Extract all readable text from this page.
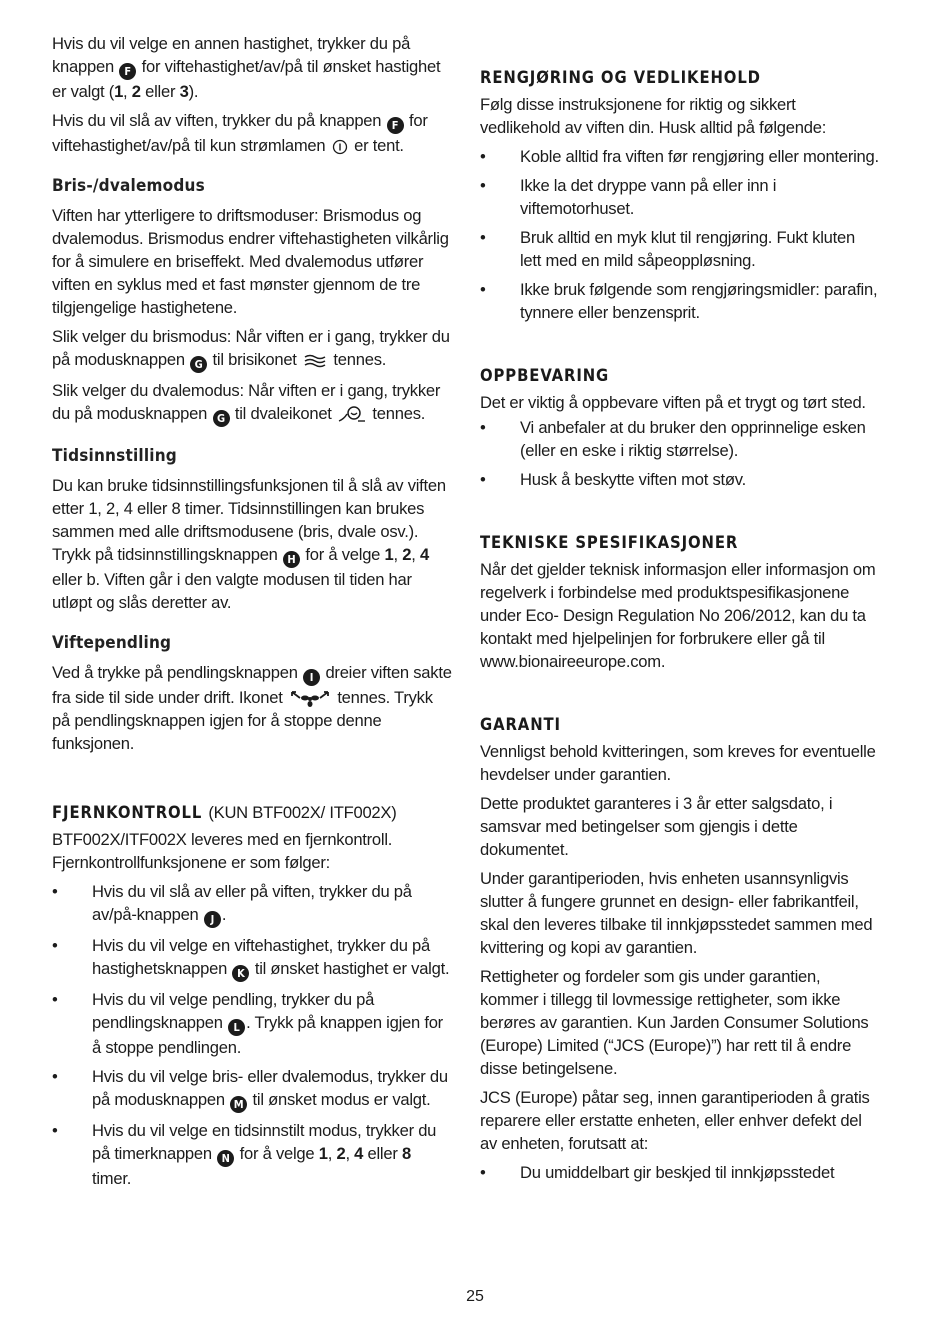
Hvis du vil velge en annen hastighet, trykker du på knappen F for viftehastighet/av/på til ønsket hastighet er valgt (1, 2 eller 3).

Hvis du vil slå av viften, trykker du på knappen F for viftehastighet/av/på til kun strømlamen er tent.

Bris-/dvalemodus

Viften har ytterligere to driftsmoduser: Brismodus og dvalemodus. Brismodus endrer viftehastigheten vilkårlig for å simulere en briseffekt. Med dvalemodus utfører viften en syklus med et fast mønster gjennom de tre tilgjengelige hastighetene.

Slik velger du brismodus: Når viften er i gang, trykker du på modusknappen G til brisikonet tennes.

Slik velger du dvalemodus: Når viften er i gang, trykker du på modusknappen G til dvaleikonet tennes.

Tidsinnstilling

Du kan bruke tidsinnstillingsfunksjonen til å slå av viften etter 1, 2, 4 eller 8 timer. Tidsinnstillingen kan brukes sammen med alle driftsmodusene (bris, dvale osv.). Trykk på tidsinnstillingsknappen H for å velge 1, 2, 4 eller b. Viften går i den valgte modusen til tiden har utløpt og slås deretter av.

Viftependling

Ved å trykke på pendlingsknappen I dreier viften sakte fra side til side under drift. Ikonet	tennes. Trykk på pendlingsknappen igjen for å stoppe denne funksjonen.

FJERNKONTROLL (KUN BTF002X/ ITF002X)

BTF002X/ITF002X leveres med en fjernkontroll. Fjernkontrollfunksjonene er som følger:

• Hvis du vil slå av eller på viften, trykker du på av/på-knappen J .
• Hvis du vil velge en viftehastighet, trykker du på hastighetsknappen K til ønsket hastighet er valgt.
• Hvis du vil velge pendling, trykker du på pendlingsknappen L . Trykk på knappen igjen for å stoppe pendlingen.
• Hvis du vil velge bris- eller dvalemodus, trykker du på modusknappen M til ønsket modus er valgt.
• Hvis du vil velge en tidsinnstilt modus, trykker du på timerknappen N for å velge 1, 2, 4 eller 8 timer.
RENGJØRING OG VEDLIKEHOLD

Følg disse instruksjonene for riktig og sikkert vedlikehold av viften din. Husk alltid på følgende:

• Koble alltid fra viften før rengjøring eller montering.
• Ikke la det dryppe vann på eller inn i viftemotorhuset.
• Bruk alltid en myk klut til rengjøring. Fukt kluten lett med en mild såpeoppløsning.
• Ikke bruk følgende som rengjøringsmidler: parafin, tynnere eller benzensprit.
OPPBEVARING

Det er viktig å oppbevare viften på et trygt og tørt sted.

• Vi anbefaler at du bruker den opprinnelige esken (eller en eske i riktig størrelse).
• Husk å beskytte viften mot støv.
TEKNISKE SPESIFIKASJONER

Når det gjelder teknisk informasjon eller informasjon om regelverk i forbindelse med produktspesifikasjonene under Eco- Design Regulation No 206/2012, kan du ta kontakt med hjelpelinjen for forbrukere eller gå til www.bionaireeurope.com.

GARANTI

Vennligst behold kvitteringen, som kreves for eventuelle hevdelser under garantien.

Dette produktet garanteres i 3 år etter salgsdato, i samsvar med betingelser som gjengis i dette dokumentet.

Under garantiperioden, hvis enheten usannsynligvis slutter å fungere grunnet en design- eller fabrikantfeil, skal den leveres tilbake til innkjøpsstedet sammen med kvittering og kopi av garantien.

Rettigheter og fordeler som gis under garantien, kommer i tillegg til lovmessige rettigheter, som ikke berøres av garantien. Kun Jarden Consumer Solutions (Europe) Limited (“JCS (Europe)”) har rett til å endre disse betingelsene.

JCS (Europe) påtar seg, innen garantiperioden å gratis reparere eller erstatte enheten, eller enhver defekt del av enheten, forutsatt at:

• Du umiddelbart gir beskjed til innkjøpsstedet
25
